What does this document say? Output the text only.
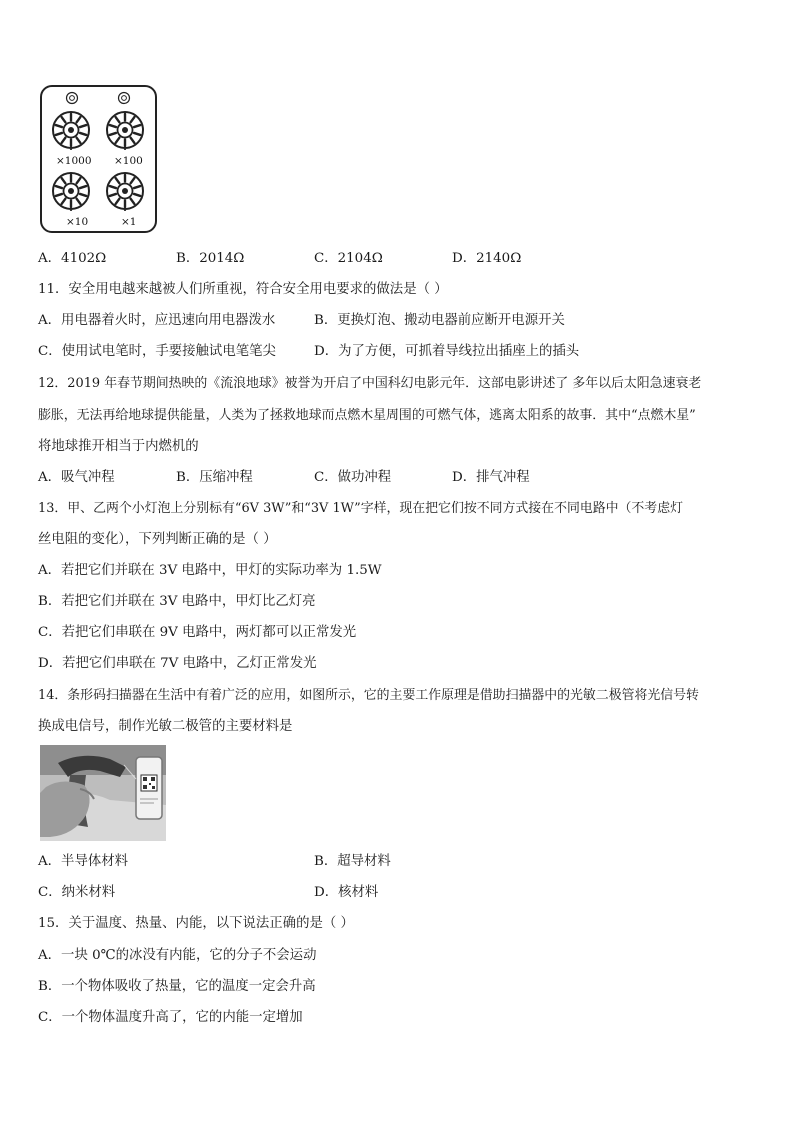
×1000 ×100
×10	×1
A．4102Ω	B．2014Ω	C．2104Ω	D．2140Ω
11．安全用电越来越被人们所重视，符合安全用电要求的做法是（ ）
A．用电器着火时，应迅速向用电器泼水	B．更换灯泡、搬动电器前应断开电源开关
C．使用试电笔时，手要接触试电笔笔尖	D．为了方便，可抓着导线拉出插座上的插头
12．2019 年春节期间热映的《流浪地球》被誉为开启了中国科幻电影元年．这部电影讲述了 多年以后太阳急速衰老
膨胀，无法再给地球提供能量，人类为了拯救地球而点燃木星周围的可燃气体，逃离太阳系的故事．其中“点燃木星”
将地球推开相当于内燃机的
A．吸气冲程	B．压缩冲程	C．做功冲程	D．排气冲程
13．甲、乙两个小灯泡上分别标有“6V 3W”和“3V 1W”字样，现在把它们按不同方式接在不同电路中（不考虑灯
丝电阻的变化），下列判断正确的是（ ）
A．若把它们并联在 3V 电路中，甲灯的实际功率为 1.5W
B．若把它们并联在 3V 电路中，甲灯比乙灯亮
C．若把它们串联在 9V 电路中，两灯都可以正常发光
D．若把它们串联在 7V 电路中，乙灯正常发光
14．条形码扫描器在生活中有着广泛的应用，如图所示，它的主要工作原理是借助扫描器中的光敏二极管将光信号转
换成电信号，制作光敏二极管的主要材料是
A．半导体材料	B．超导材料
C．纳米材料	D．核材料
15．关于温度、热量、内能，以下说法正确的是（ ）
A．一块 0℃的冰没有内能，它的分子不会运动
B．一个物体吸收了热量，它的温度一定会升高
C．一个物体温度升高了，它的内能一定增加
